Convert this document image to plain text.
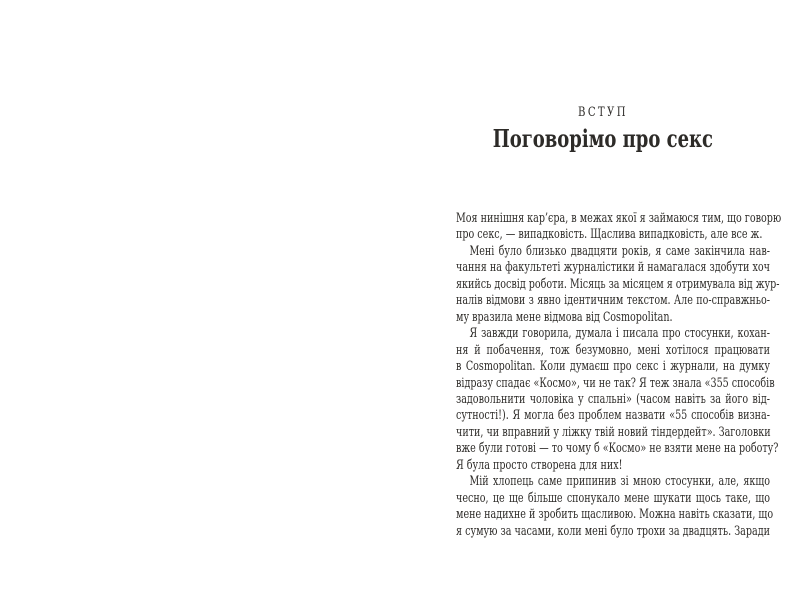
ВСТУП
Поговорімо про секс
Моя нинішня кар’єра, в межах якої я займаюся тим, що говорю
про секс, — випадковість. Щаслива випадковість, але все ж.
Мені було близько двадцяти років, я саме закінчила нав-
чання на факультеті журналістики й намагалася здобути хоч
якийсь досвід роботи. Місяць за місяцем я отримувала від жур-
налів відмови з явно ідентичним текстом. Але по-справжньо-
му вразила мене відмова від Cosmopolitan.
Я завжди говорила, думала і писала про стосунки, кохан-
ня й побачення, тож безумовно, мені хотілося працювати
в Cosmopolitan. Коли думаєш про секс і журнали, на думку
відразу спадає «Космо», чи не так? Я теж знала «355 способів
задовольнити чоловіка у спальні» (часом навіть за його від-
сутності!). Я могла без проблем назвати «55 способів визна-
чити, чи вправний у ліжку твій новий тіндердейт». Заголовки
вже були готові — то чому б «Космо» не взяти мене на роботу?
Я була просто створена для них!
Мій хлопець саме припинив зі мною стосунки, але, якщо
чесно, це ще більше спонукало мене шукати щось таке, що
мене надихне й зробить щасливою. Можна навіть сказати, що
я сумую за часами, коли мені було трохи за двадцять. Заради
